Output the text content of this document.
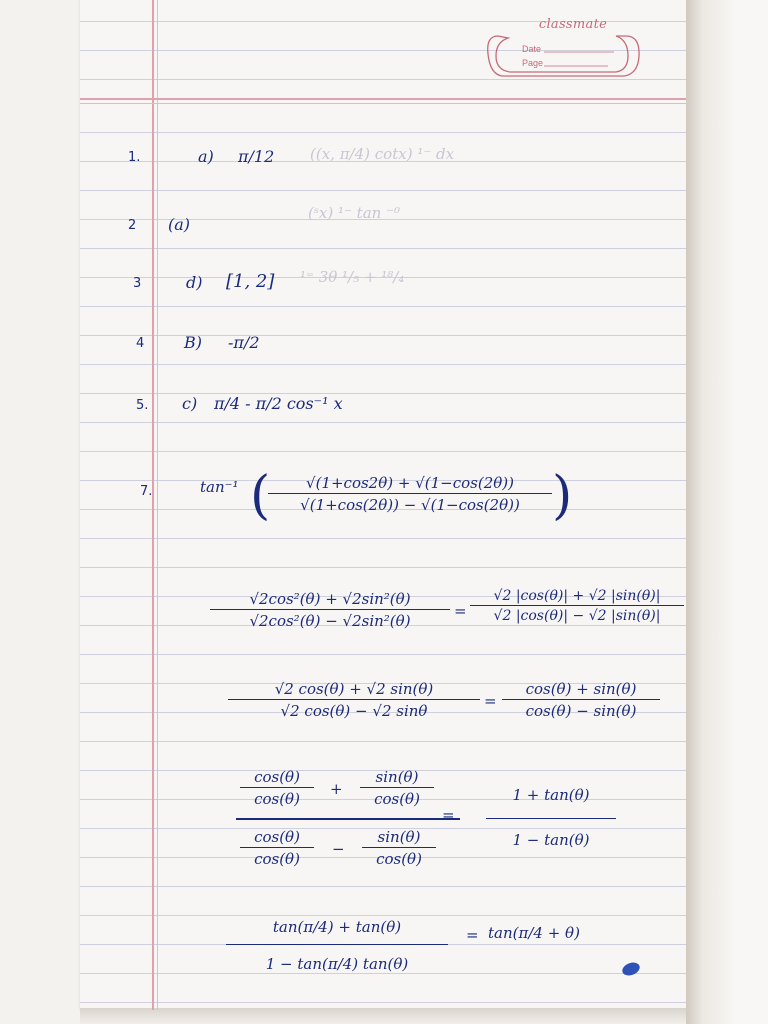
classmate
Date
Page
1.	a) π/12 ((x, π/4) cotx) ¹⁻ dx
2 (a)
(ˢx) ¹⁻ tan ⁻⁰
3	d) [1, 2] ¹⁼ 3θ ¹/₅ + ¹⁸/₄
4 B) -π/2
5. c) π/4 - π/2 cos⁻¹ x
7.	tan⁻¹ (
$\frac{√(1+\cos 2\theta) + √(1-\cos(2\theta))}{√(1+\cos(2\theta)) - √(1-\cos(2\theta))}$ )
$\frac{\text{√2cos²(θ) + √2sin²(θ)}}{\text{√2cos²(θ) − √2sin²(θ)}} = \frac{√2 |\cos(\theta)| + √2 |\sin(\theta)|}{√2 |\cos(\theta)| - √2 |\sin(\theta)|}$
$\frac{√2 \cos(\theta) + √2 \sin(\theta)}{√2 \cos(\theta) - √2 \sin\theta} = \frac{\cos(\theta) + \sin(\theta)}{\cos(\theta) - \sin(\theta)}$
$\frac{\cos(\theta)}{\cos(\theta)} + \frac{\sin(\theta)}{\cos(\theta)}$
=
$\frac{\cos(\theta)}{\cos(\theta)} - \frac{\sin(\theta)}{\cos(\theta)}$	$\frac{1 + \tan(\theta)}{1 - \tan(\theta)}$
$\frac{\tan(\pi/4) + \tan(\theta)}{1 - \tan(\pi/4) \tan(\theta)} = \tan(\pi/4 + \theta)$
